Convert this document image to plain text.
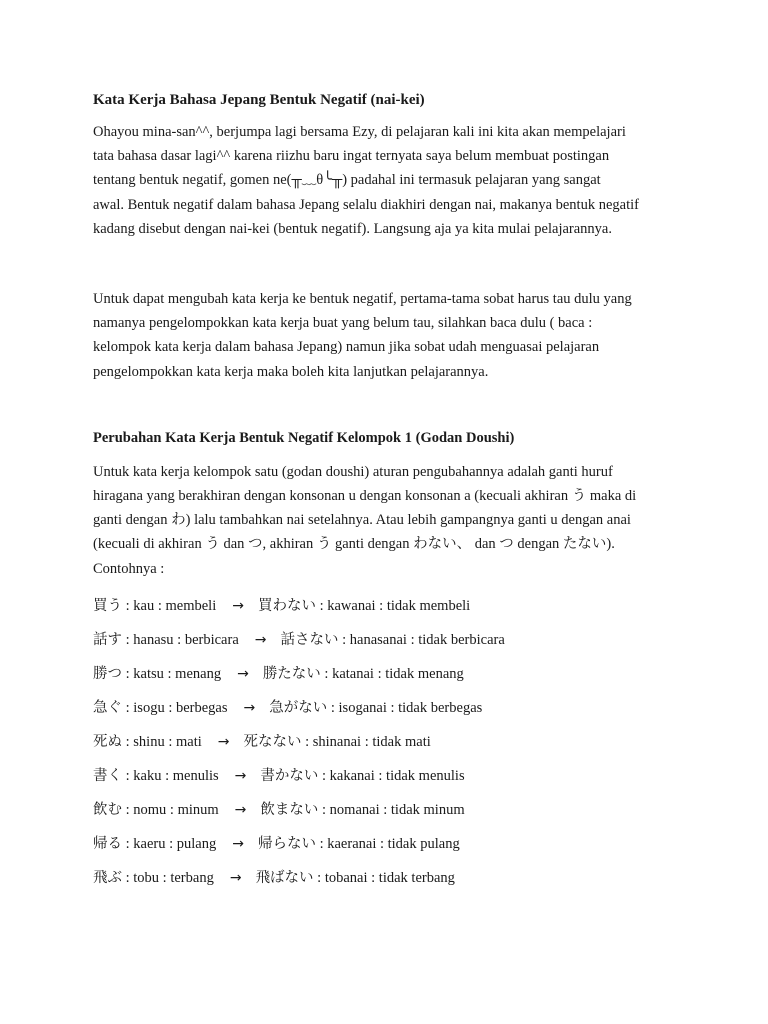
Kata Kerja Bahasa Jepang Bentuk Negatif (nai-kei)

Ohayou mina-san^^, berjumpa lagi bersama Ezy, di pelajaran kali ini kita akan mempelajari
tata bahasa dasar lagi^^ karena riizhu baru ingat ternyata saya belum membuat postingan
tentang bentuk negatif, gomen ne(╥﹏θ╰╥) padahal ini termasuk pelajaran yang sangat
awal. Bentuk negatif dalam bahasa Jepang selalu diakhiri dengan nai, makanya bentuk negatif
kadang disebut dengan nai-kei (bentuk negatif). Langsung aja ya kita mulai pelajarannya.

Untuk dapat mengubah kata kerja ke bentuk negatif, pertama-tama sobat harus tau dulu yang
namanya pengelompokkan kata kerja buat yang belum tau, silahkan baca dulu ( baca :
kelompok kata kerja dalam bahasa Jepang) namun jika sobat udah menguasai pelajaran
pengelompokkan kata kerja maka boleh kita lanjutkan pelajarannya.

Perubahan Kata Kerja Bentuk Negatif Kelompok 1 (Godan Doushi)

Untuk kata kerja kelompok satu (godan doushi) aturan pengubahannya adalah ganti huruf
hiragana yang berakhiran dengan konsonan u dengan konsonan a (kecuali akhiran う maka di
ganti dengan わ) lalu tambahkan nai setelahnya. Atau lebih gampangnya ganti u dengan anai
(kecuali di akhiran う dan つ, akhiran う ganti dengan わない、 dan つ dengan たない).
Contohnya :

買う : kau : membeli → 買わない : kawanai : tidak membeli
話す : hanasu : berbicara → 話さない : hanasanai : tidak berbicara
勝つ : katsu : menang → 勝たない : katanai : tidak menang
急ぐ : isogu : berbegas → 急がない : isoganai : tidak berbegas
死ぬ : shinu : mati → 死なない : shinanai : tidak mati
書く : kaku : menulis → 書かない : kakanai : tidak menulis
飲む : nomu : minum → 飲まない : nomanai : tidak minum
帰る : kaeru : pulang → 帰らない : kaeranai : tidak pulang
飛ぶ : tobu : terbang → 飛ばない : tobanai : tidak terbang
